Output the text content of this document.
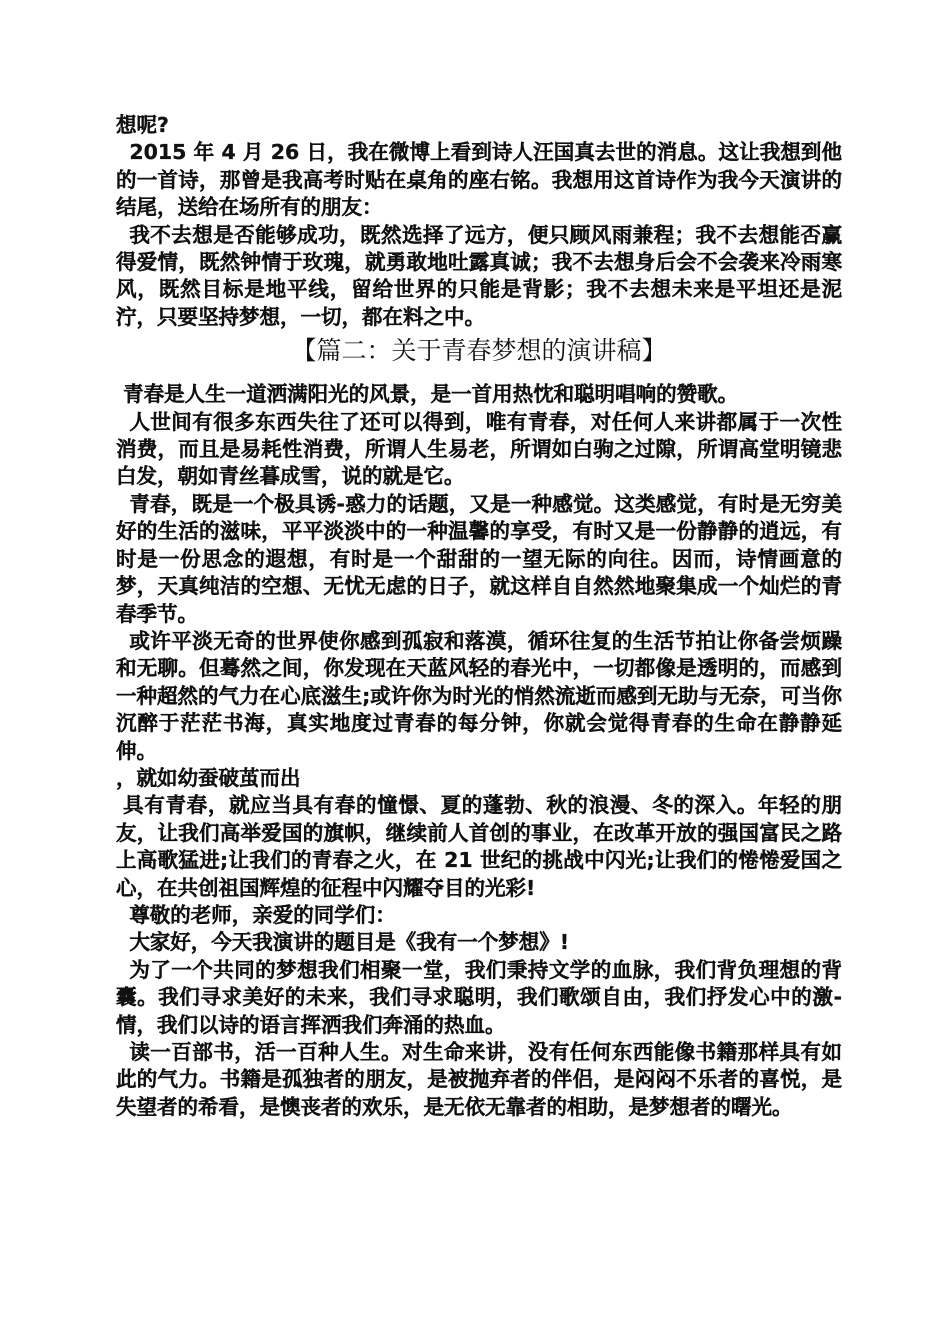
想呢?

2015 年 4 月 26 日，我在微博上看到诗人汪国真去世的消息。这让我想到他的一首诗，那曾是我高考时贴在桌角的座右铭。我想用这首诗作为我今天演讲的结尾，送给在场所有的朋友：

我不去想是否能够成功，既然选择了远方，便只顾风雨兼程；我不去想能否赢得爱情，既然钟情于玫瑰，就勇敢地吐露真诚；我不去想身后会不会袭来冷雨寒风，既然目标是地平线，留给世界的只能是背影；我不去想未来是平坦还是泥泞，只要坚持梦想，一切，都在料之中。

【篇二：关于青春梦想的演讲稿】

青春是人生一道洒满阳光的风景，是一首用热忱和聪明唱响的赞歌。

人世间有很多东西失往了还可以得到，唯有青春，对任何人来讲都属于一次性消费，而且是易耗性消费，所谓人生易老，所谓如白驹之过隙，所谓高堂明镜悲白发，朝如青丝暮成雪，说的就是它。

青春，既是一个极具诱-惑力的话题，又是一种感觉。这类感觉，有时是无穷美好的生活的滋味，平平淡淡中的一种温馨的享受，有时又是一份静静的逍远，有时是一份思念的遐想，有时是一个甜甜的一望无际的向往。因而，诗情画意的梦，天真纯洁的空想、无忧无虑的日子，就这样自自然然地聚集成一个灿烂的青春季节。

或许平淡无奇的世界使你感到孤寂和落漠，循环往复的生活节拍让你备尝烦躁和无聊。但蓦然之间，你发现在天蓝风轻的春光中，一切都像是透明的，而感到一种超然的气力在心底滋生;或许你为时光的悄然流逝而感到无助与无奈，可当你沉醉于茫茫书海，真实地度过青春的每分钟，你就会觉得青春的生命在静静延伸。

，就如幼蚕破茧而出

具有青春，就应当具有春的憧憬、夏的蓬勃、秋的浪漫、冬的深入。年轻的朋友，让我们高举爱国的旗帜，继续前人首创的事业，在改革开放的强国富民之路上高歌猛进;让我们的青春之火，在 21 世纪的挑战中闪光;让我们的惓惓爱国之心，在共创祖国辉煌的征程中闪耀夺目的光彩!

尊敬的老师，亲爱的同学们：

大家好，今天我演讲的题目是《我有一个梦想》!

为了一个共同的梦想我们相聚一堂，我们秉持文学的血脉，我们背负理想的背囊。我们寻求美好的未来，我们寻求聪明，我们歌颂自由，我们抒发心中的激-情，我们以诗的语言挥洒我们奔涌的热血。

读一百部书，活一百种人生。对生命来讲，没有任何东西能像书籍那样具有如此的气力。书籍是孤独者的朋友，是被抛弃者的伴侣，是闷闷不乐者的喜悦，是失望者的希看，是懊丧者的欢乐，是无依无靠者的相助，是梦想者的曙光。
